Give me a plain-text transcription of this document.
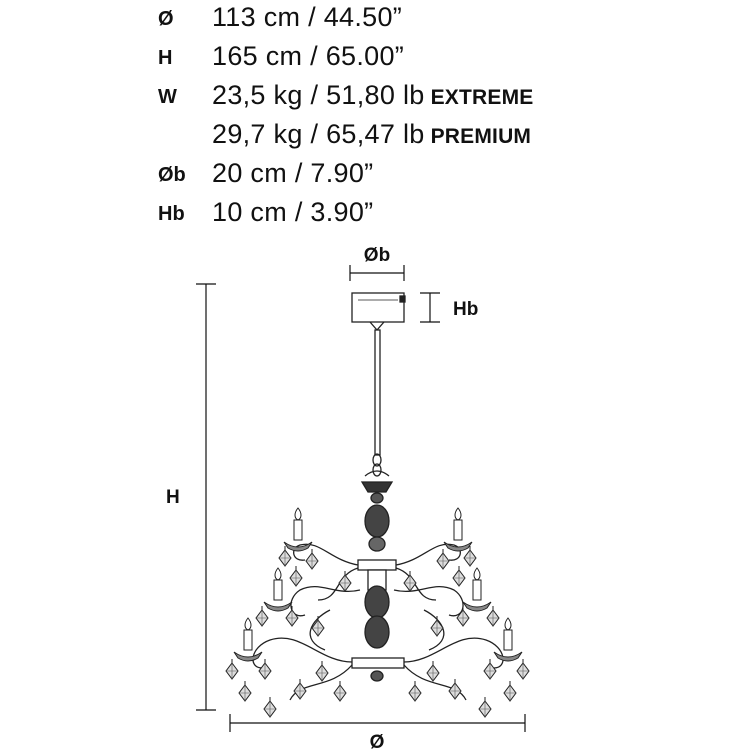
Ø 113 cm / 44.50”
H 165 cm / 65.00”
W 23,5 kg / 51,80 lb EXTREME
29,7 kg / 65,47 lb PREMIUM
Øb 20 cm / 7.90”
Hb 10 cm / 3.90”
Øb
Hb
H
Ø
